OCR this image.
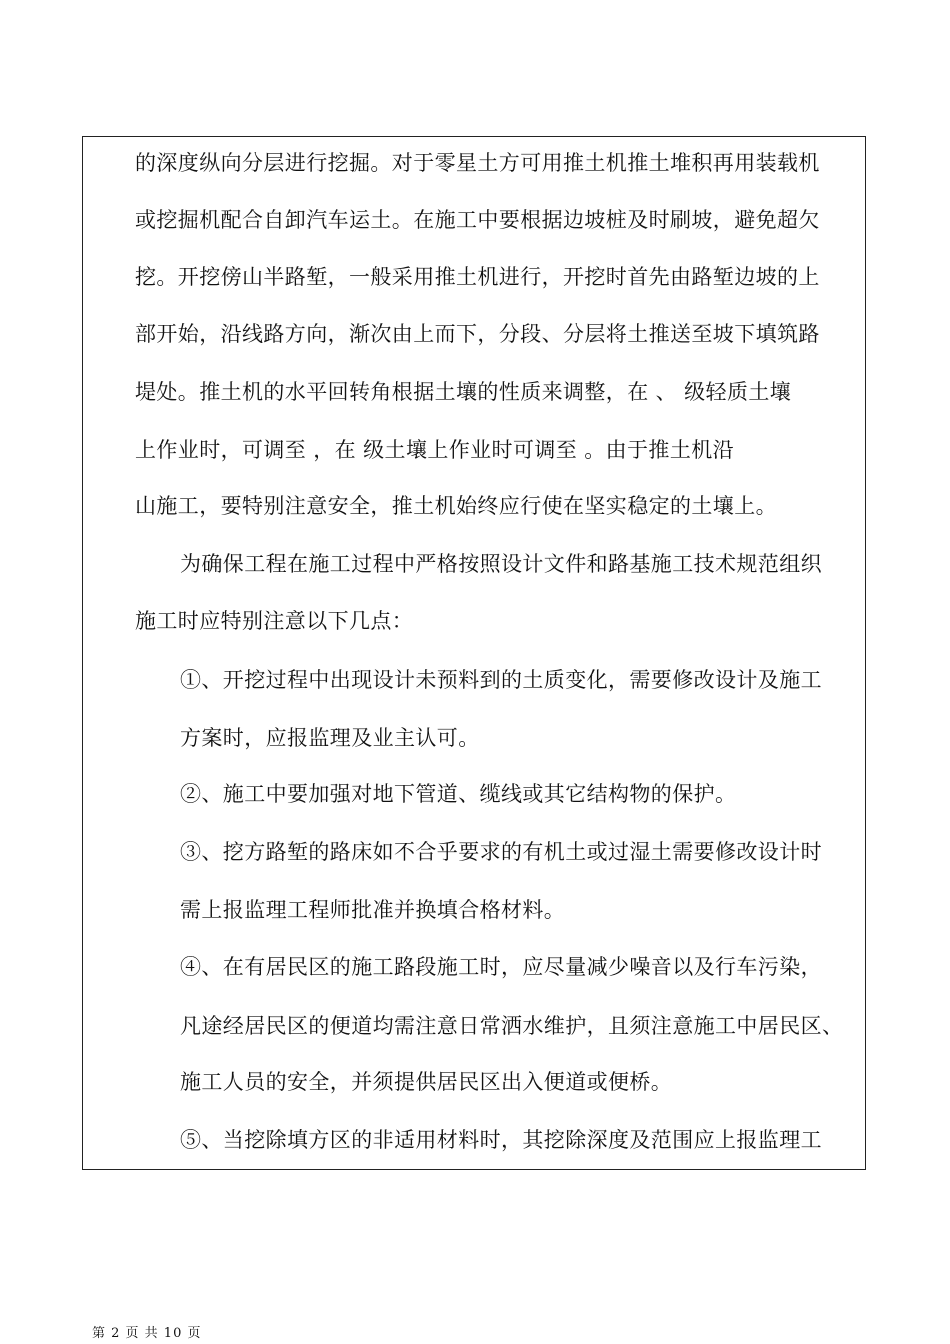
的深度纵向分层进行挖掘。对于零星土方可用推土机推土堆积再用装载机
或挖掘机配合自卸汽车运土。在施工中要根据边坡桩及时刷坡，避免超欠
挖。开挖傍山半路堑，一般采用推土机进行，开挖时首先由路堑边坡的上
部开始，沿线路方向，渐次由上而下，分段、分层将土推送至坡下填筑路
堤处。推土机的水平回转角根据土壤的性质来调整，在 、 级轻质土壤
上作业时，可调至 ，在 级土壤上作业时可调至 。由于推土机沿
山施工，要特别注意安全，推土机始终应行使在坚实稳定的土壤上。
为确保工程在施工过程中严格按照设计文件和路基施工技术规范组织
施工时应特别注意以下几点：
①、开挖过程中出现设计未预料到的土质变化，需要修改设计及施工
方案时，应报监理及业主认可。
②、施工中要加强对地下管道、缆线或其它结构物的保护。
③、挖方路堑的路床如不合乎要求的有机土或过湿土需要修改设计时
需上报监理工程师批准并换填合格材料。
④、在有居民区的施工路段施工时，应尽量减少噪音以及行车污染，
凡途经居民区的便道均需注意日常洒水维护，且须注意施工中居民区、
施工人员的安全，并须提供居民区出入便道或便桥。
⑤、当挖除填方区的非适用材料时，其挖除深度及范围应上报监理工
第 2 页 共 10 页
